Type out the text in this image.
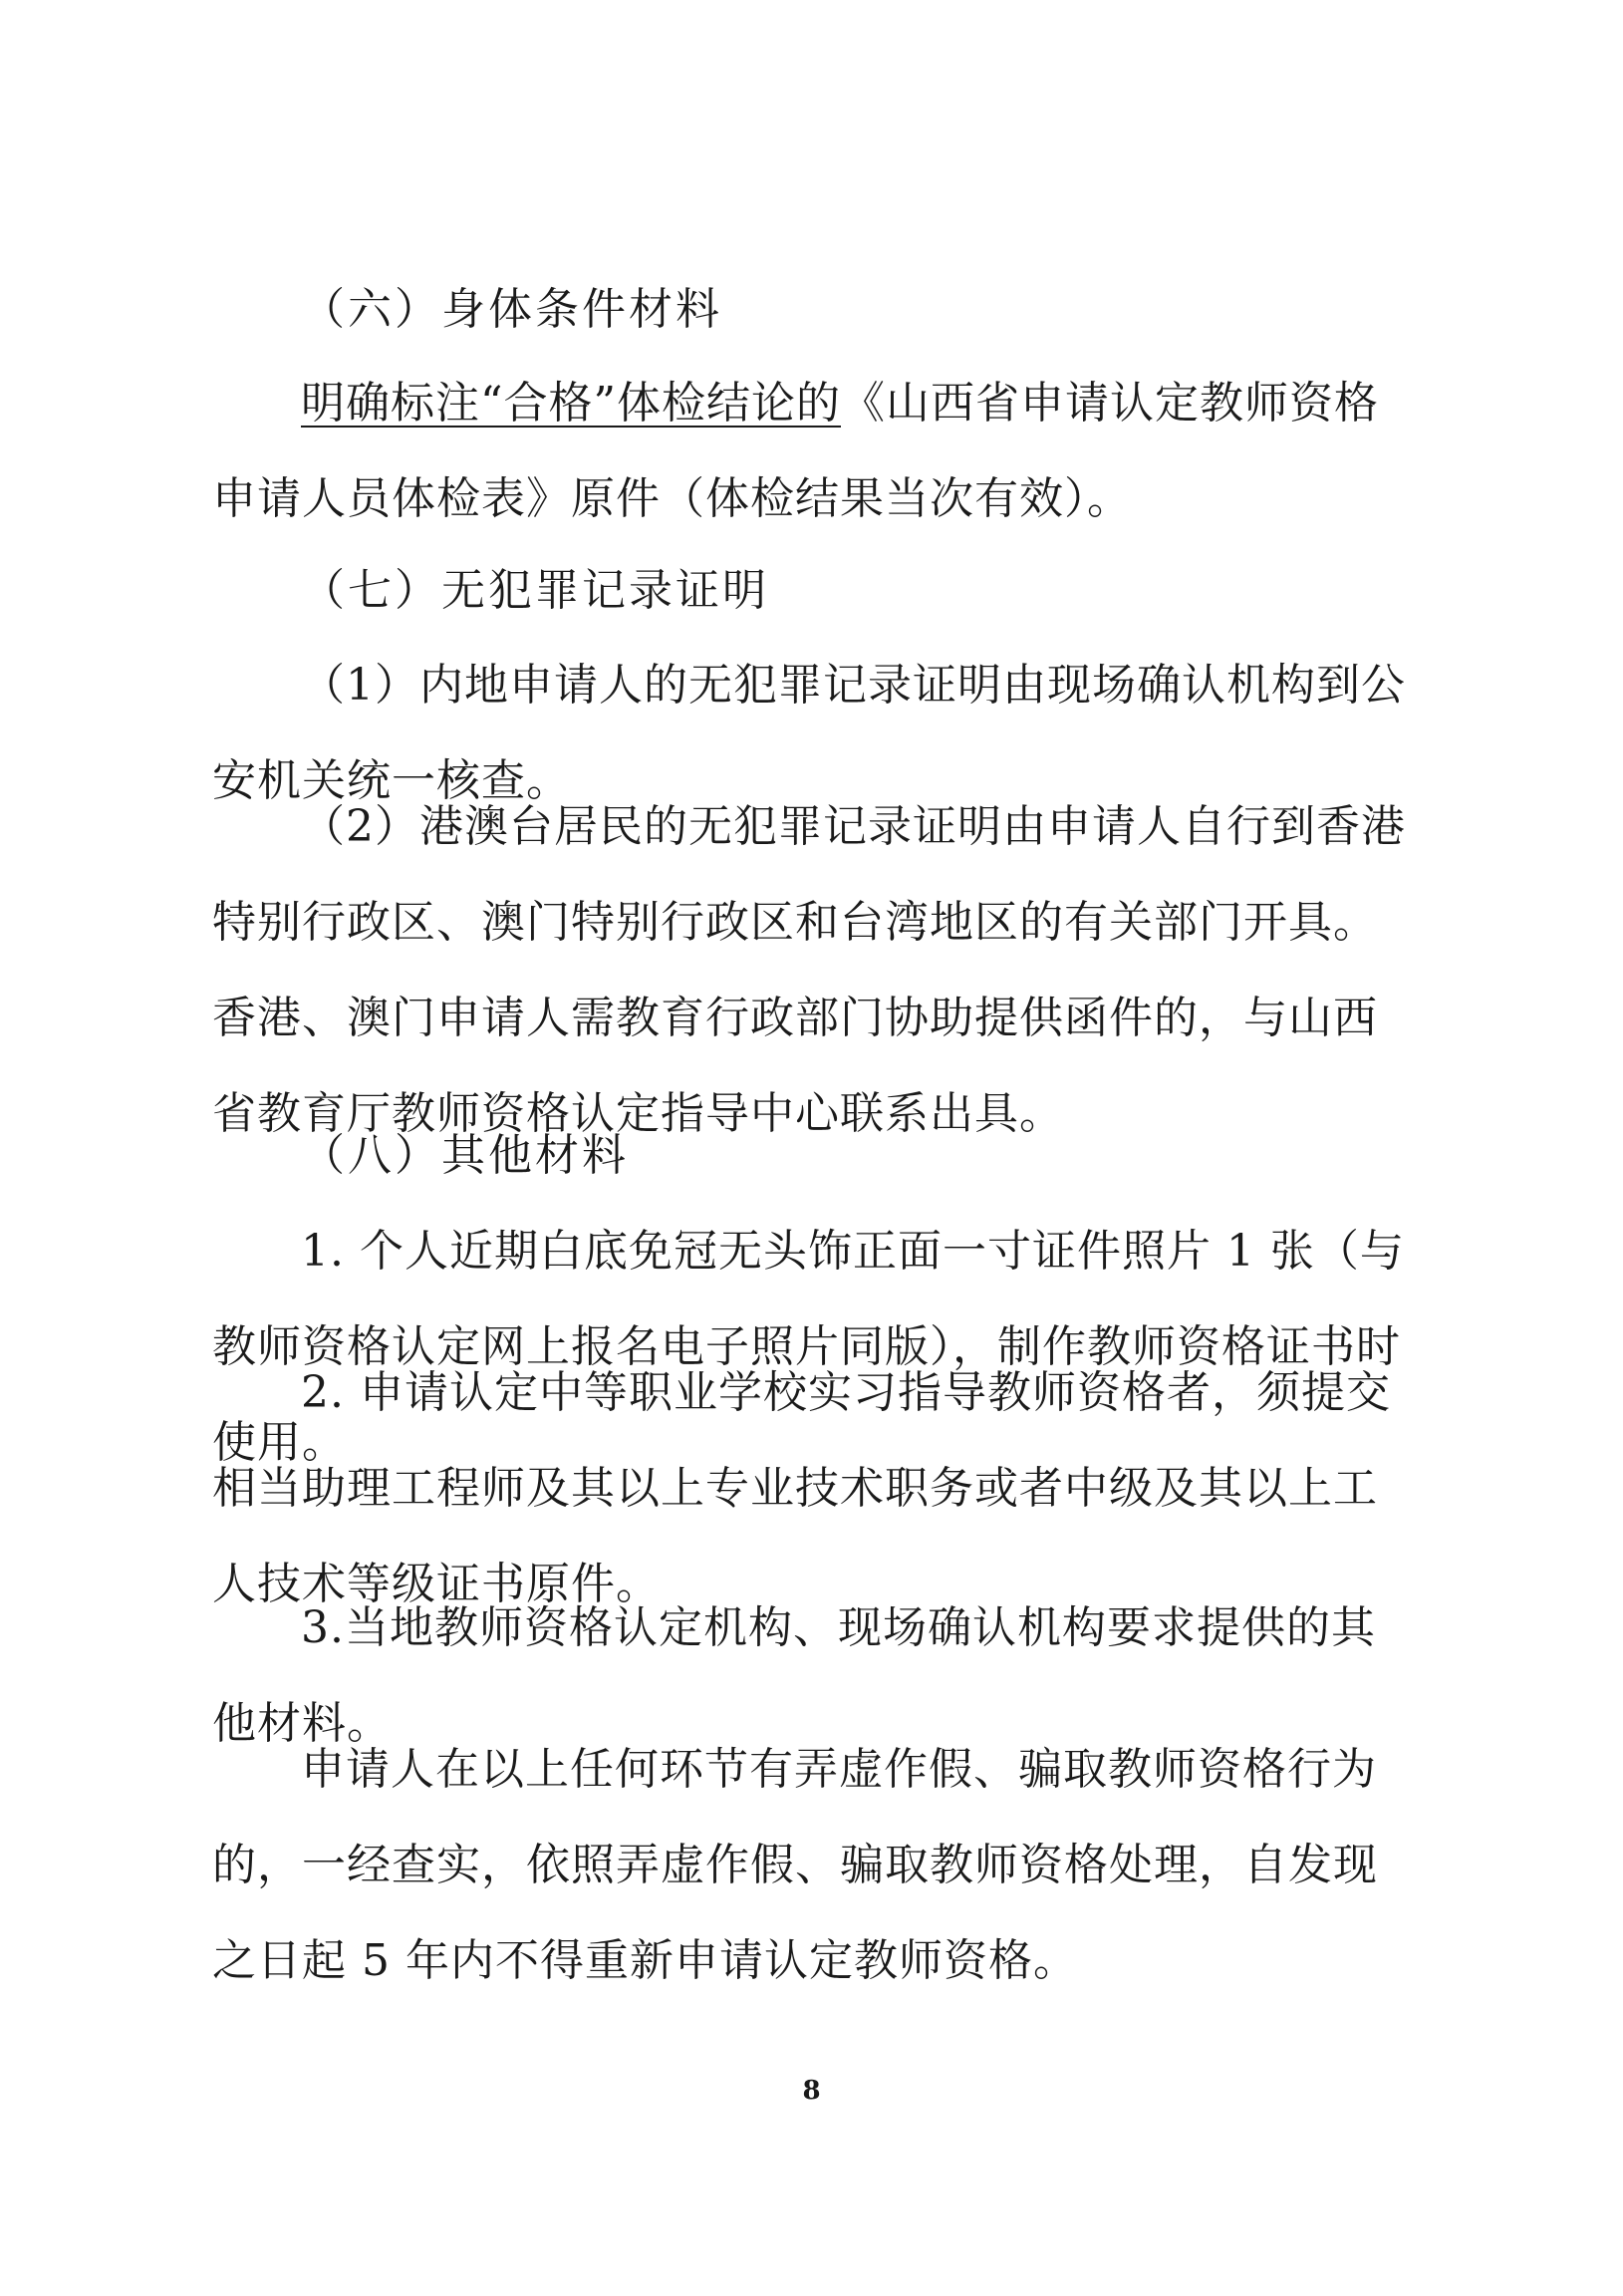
（六）身体条件材料

明确标注“合格”体检结论的《山西省申请认定教师资格申请人员体检表》原件（体检结果当次有效）。

（七）无犯罪记录证明

（1）内地申请人的无犯罪记录证明由现场确认机构到公安机关统一核查。

（2）港澳台居民的无犯罪记录证明由申请人自行到香港特别行政区、澳门特别行政区和台湾地区的有关部门开具。香港、澳门申请人需教育行政部门协助提供函件的，与山西省教育厅教师资格认定指导中心联系出具。

（八）其他材料

1. 个人近期白底免冠无头饰正面一寸证件照片 1 张（与教师资格认定网上报名电子照片同版），制作教师资格证书时使用。

2. 申请认定中等职业学校实习指导教师资格者，须提交相当助理工程师及其以上专业技术职务或者中级及其以上工人技术等级证书原件。

3.当地教师资格认定机构、现场确认机构要求提供的其他材料。

申请人在以上任何环节有弄虚作假、骗取教师资格行为的，一经查实，依照弄虚作假、骗取教师资格处理，自发现之日起 5 年内不得重新申请认定教师资格。

8
